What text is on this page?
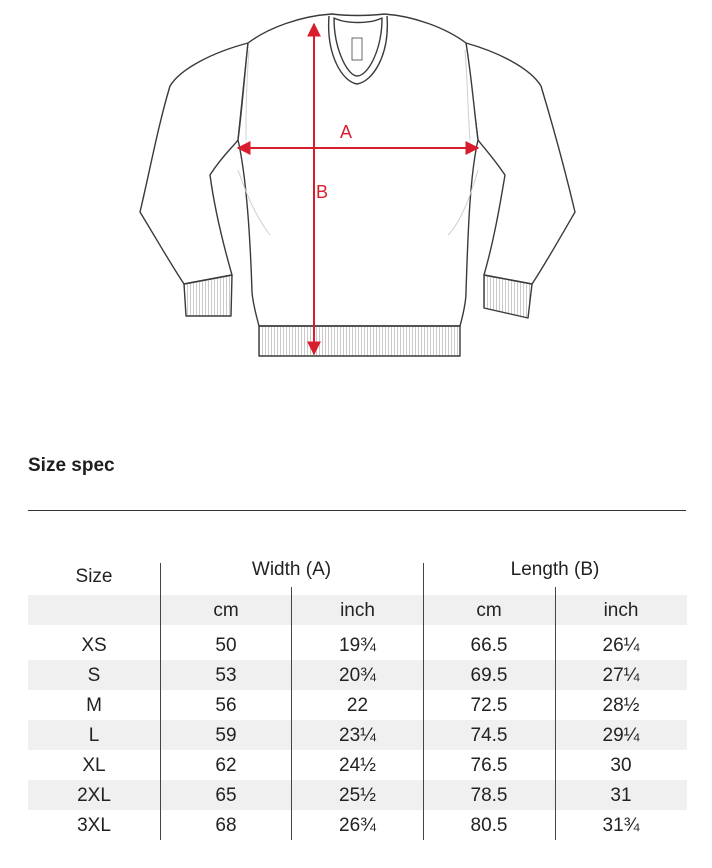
A
B
Size spec
Size	Width (A)	Length (B)
cm	inch	cm	inch
XS	50	19¾	66.5	26¼
S	53	20¾	69.5	27¼
M	56	22	72.5	28½
L	59	23¼	74.5	29¼
XL	62	24½	76.5	30
2XL	65	25½	78.5	31
3XL	68	26¾	80.5	31¾
